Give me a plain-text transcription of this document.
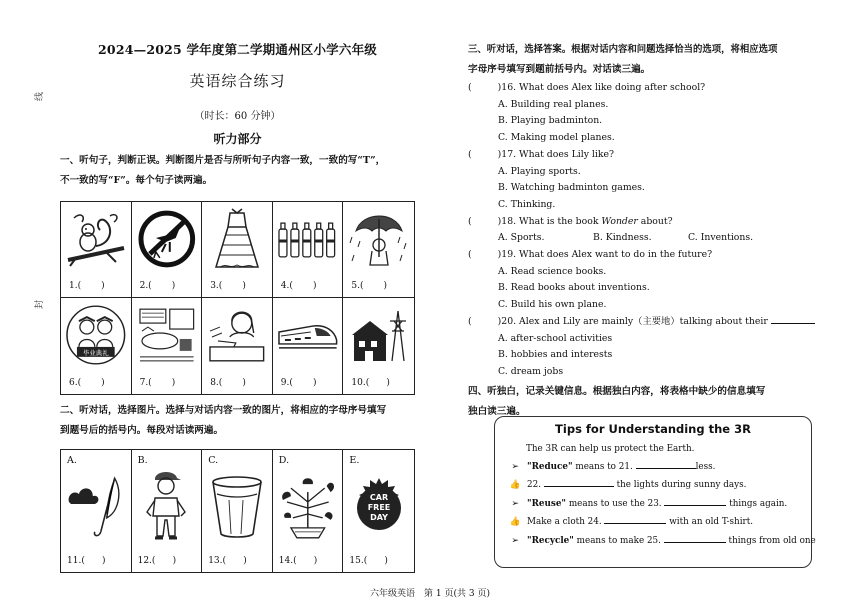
线
封
2024—2025 学年度第二学期通州区小学六年级
英语综合练习
（时长：60 分钟）
听力部分
一、听句子，判断正误。判断图片是否与所听句子内容一致，一致的写“T”，
不一致的写“F”。每个句子读两遍。
1.( )	2.( )	3.( )	4.( )	5.( )
毕业典礼
6.( )	7.( )	8.( )	9.( )	10.( )
二、听对话，选择图片。选择与对话内容一致的图片，将相应的字母序号填写
到题号后的括号内。每段对话读两遍。
A.
11.( )
B.
12.( )
C.
13.( )
D.
14.( )
E.
CAR
FREE
DAY
15.( )
三、听对话，选择答案。根据对话内容和问题选择恰当的选项，将相应选项
字母序号填写到题前括号内。对话读三遍。
(	)16. What does Alex like doing after school?
A. Building real planes.
B. Playing badminton.
C. Making model planes.
(	)17. What does Lily like?
A. Playing sports.
B. Watching badminton games.
C. Thinking.
(	)18. What is the book Wonder about?
A. Sports.	B. Kindness.	C. Inventions.
(	)19. What does Alex want to do in the future?
A. Read science books.
B. Read books about inventions.
C. Build his own plane.
(	)20. Alex and Lily are mainly（主要地）talking about their
A. after-school activities
B. hobbies and interests
C. dream jobs
四、听独白，记录关键信息。根据独白内容，将表格中缺少的信息填写
独白读三遍。
Tips for Understanding the 3R
The 3R can help us protect the Earth.
➢ "Reduce" means to 21.	less.
👍 22.	the lights during sunny days.
➢ "Reuse" means to use the 23.	things again.
👍 Make a cloth 24.	with an old T-shirt.
➢ "Recycle" means to make 25.	things from old one
六年级英语　第 1 页(共 3 页)
